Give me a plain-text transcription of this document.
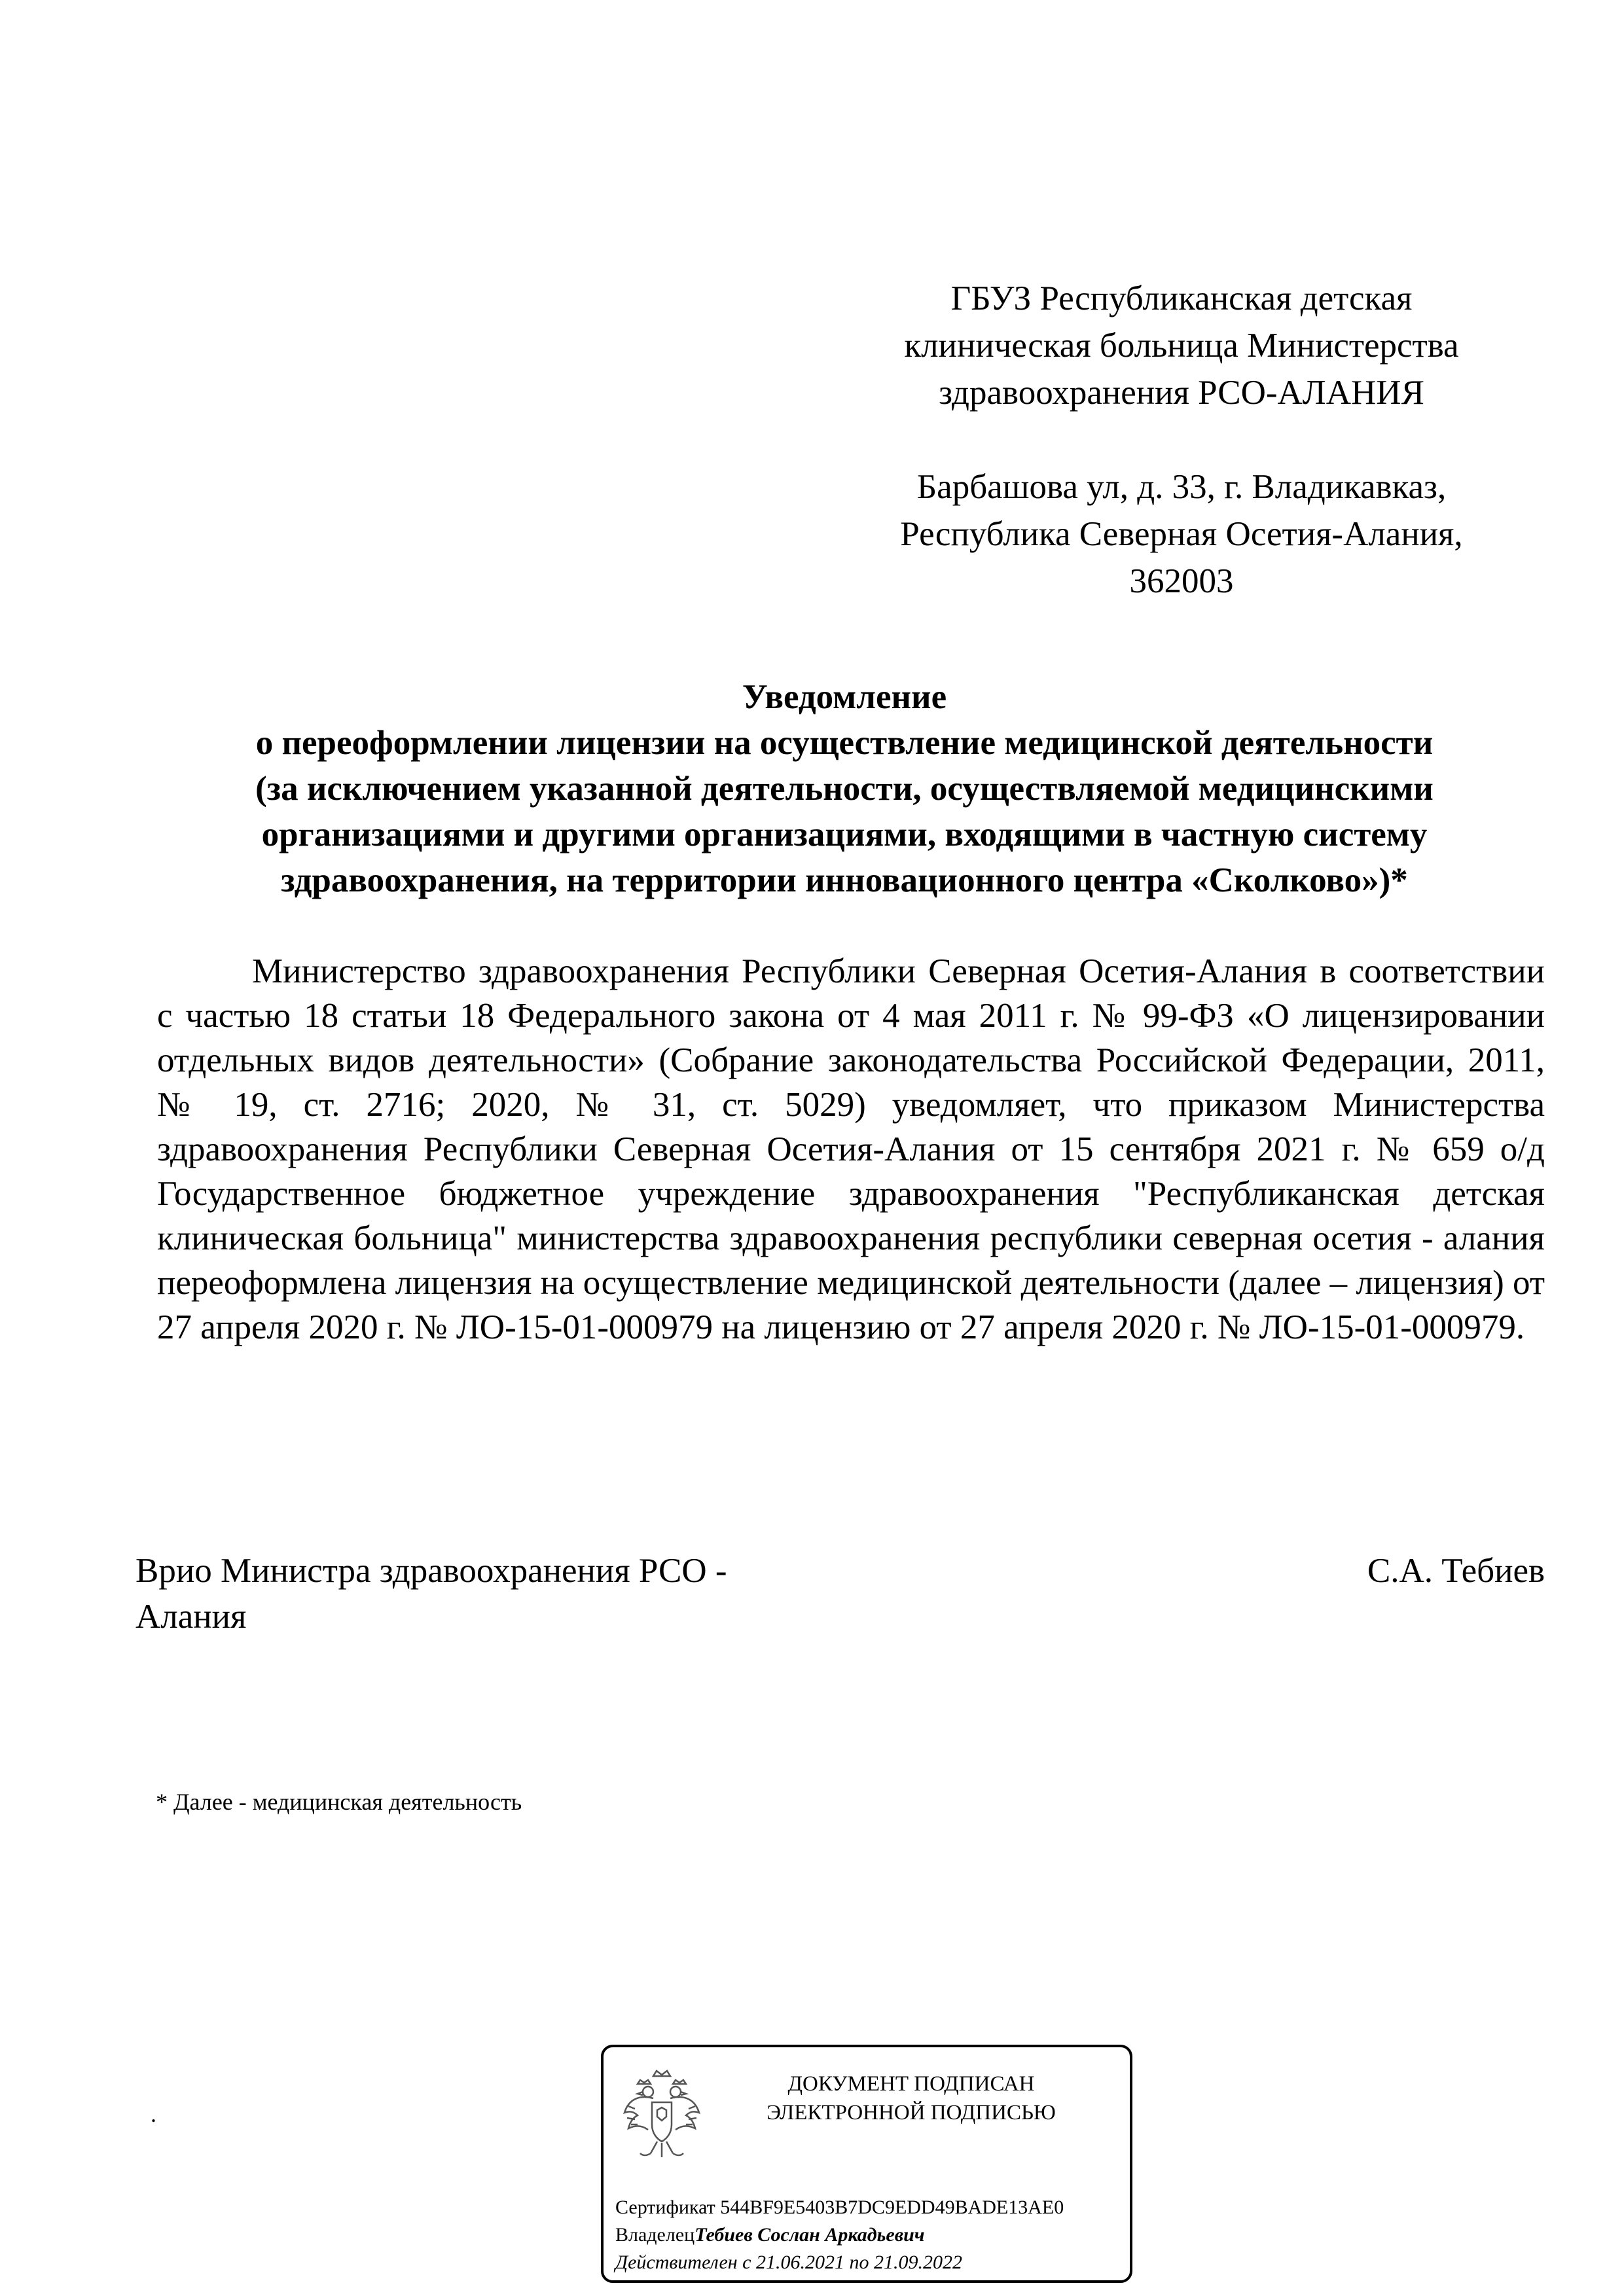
ГБУЗ Республиканская детская
клиническая больница Министерства
здравоохранения РСО-АЛАНИЯ
Барбашова ул, д. 33, г. Владикавказ,
Республика Северная Осетия-Алания,
362003
Уведомление
о переоформлении лицензии на осуществление медицинской деятельности
(за исключением указанной деятельности, осуществляемой медицинскими
организациями и другими организациями, входящими в частную систему
здравоохранения, на территории инновационного центра «Сколково»)*
Министерство здравоохранения Республики Северная Осетия-Алания в соответствии с частью 18 статьи 18 Федерального закона от 4 мая 2011 г. № 99-ФЗ «О лицензировании отдельных видов деятельности» (Собрание законодательства Российской Федерации, 2011, № 19, ст. 2716; 2020, № 31, ст. 5029) уведомляет, что приказом Министерства здравоохранения Республики Северная Осетия-Алания от 15 сентября 2021 г. № 659 о/д Государственное бюджетное учреждение здравоохранения "Республиканская детская клиническая больница" министерства здравоохранения республики северная осетия - алания переоформлена лицензия на осуществление медицинской деятельности (далее – лицензия) от 27 апреля 2020 г. № ЛО-15-01-000979 на лицензию от 27 апреля 2020 г. № ЛО-15-01-000979.
Врио Министра здравоохранения РСО -
Алания
С.А. Тебиев
* Далее - медицинская деятельность
.
ДОКУМЕНТ ПОДПИСАН
ЭЛЕКТРОННОЙ ПОДПИСЬЮ
Сертификат 544BF9E5403B7DC9EDD49BADE13AE0
ВладелецТебиев Сослан Аркадьевич
Действителен с 21.06.2021 по 21.09.2022
